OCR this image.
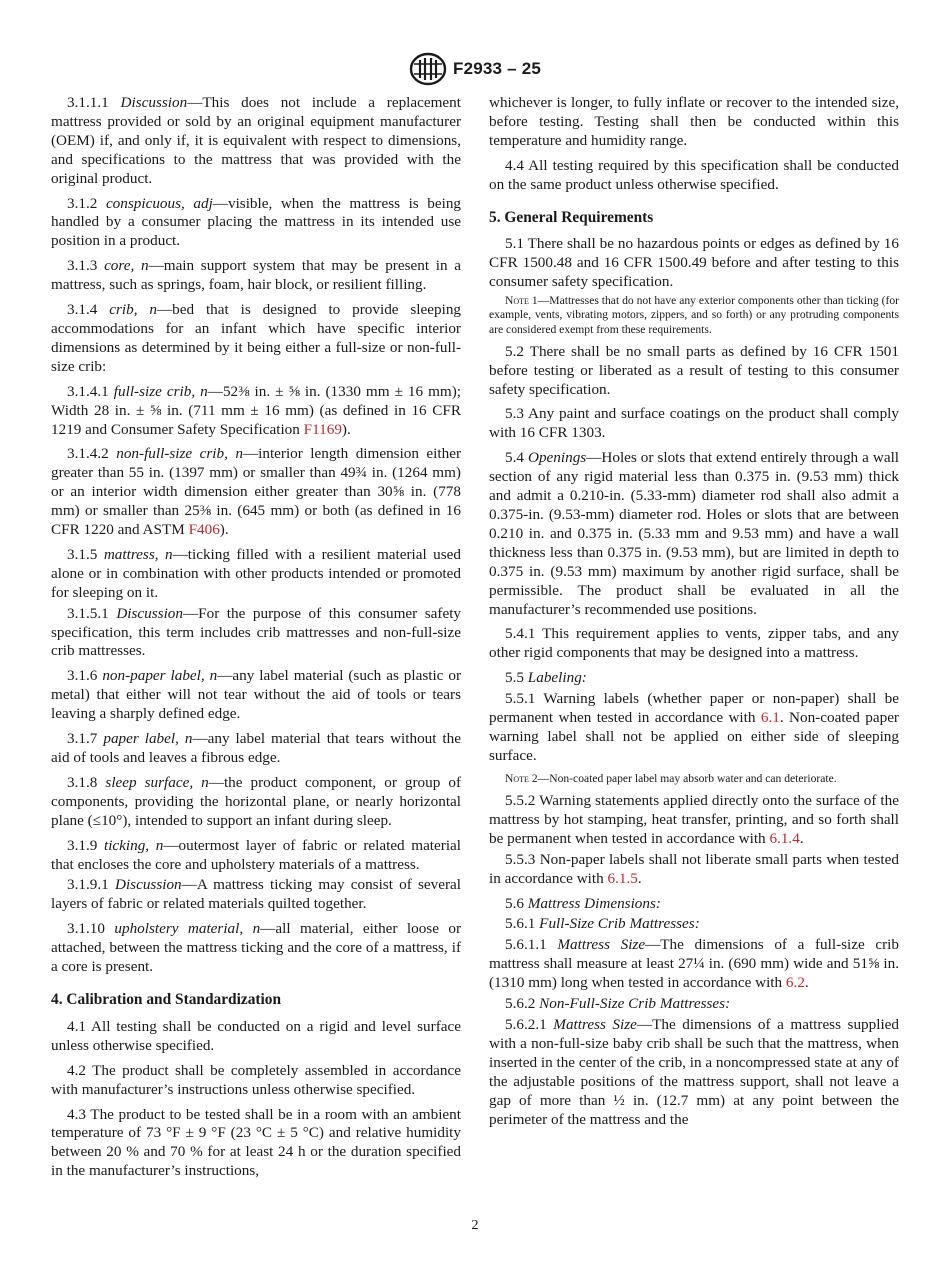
F2933 – 25

3.1.1.1 Discussion—This does not include a replacement mattress provided or sold by an original equipment manufacturer (OEM) if, and only if, it is equivalent with respect to dimensions, and specifications to the mattress that was provided with the original product.

3.1.2 conspicuous, adj—visible, when the mattress is being handled by a consumer placing the mattress in its intended use position in a product.

3.1.3 core, n—main support system that may be present in a mattress, such as springs, foam, hair block, or resilient filling.

3.1.4 crib, n—bed that is designed to provide sleeping accommodations for an infant which have specific interior dimensions as determined by it being either a full-size or non-full-size crib:

3.1.4.1 full-size crib, n—52⅜ in. ± ⅝ in. (1330 mm ± 16 mm); Width 28 in. ± ⅝ in. (711 mm ± 16 mm) (as defined in 16 CFR 1219 and Consumer Safety Specification F1169).

3.1.4.2 non-full-size crib, n—interior length dimension either greater than 55 in. (1397 mm) or smaller than 49¾ in. (1264 mm) or an interior width dimension either greater than 30⅝ in. (778 mm) or smaller than 25⅜ in. (645 mm) or both (as defined in 16 CFR 1220 and ASTM F406).

3.1.5 mattress, n—ticking filled with a resilient material used alone or in combination with other products intended or promoted for sleeping on it.

3.1.5.1 Discussion—For the purpose of this consumer safety specification, this term includes crib mattresses and non-full-size crib mattresses.

3.1.6 non-paper label, n—any label material (such as plastic or metal) that either will not tear without the aid of tools or tears leaving a sharply defined edge.

3.1.7 paper label, n—any label material that tears without the aid of tools and leaves a fibrous edge.

3.1.8 sleep surface, n—the product component, or group of components, providing the horizontal plane, or nearly horizontal plane (≤10°), intended to support an infant during sleep.

3.1.9 ticking, n—outermost layer of fabric or related material that encloses the core and upholstery materials of a mattress.

3.1.9.1 Discussion—A mattress ticking may consist of several layers of fabric or related materials quilted together.

3.1.10 upholstery material, n—all material, either loose or attached, between the mattress ticking and the core of a mattress, if a core is present.

4. Calibration and Standardization

4.1 All testing shall be conducted on a rigid and level surface unless otherwise specified.

4.2 The product shall be completely assembled in accordance with manufacturer’s instructions unless otherwise specified.

4.3 The product to be tested shall be in a room with an ambient temperature of 73 °F ± 9 °F (23 °C ± 5 °C) and relative humidity between 20 % and 70 % for at least 24 h or the duration specified in the manufacturer’s instructions,

whichever is longer, to fully inflate or recover to the intended size, before testing. Testing shall then be conducted within this temperature and humidity range.

4.4 All testing required by this specification shall be conducted on the same product unless otherwise specified.

5. General Requirements

5.1 There shall be no hazardous points or edges as defined by 16 CFR 1500.48 and 16 CFR 1500.49 before and after testing to this consumer safety specification.

Note 1—Mattresses that do not have any exterior components other than ticking (for example, vents, vibrating motors, zippers, and so forth) or any protruding components are considered exempt from these requirements.

5.2 There shall be no small parts as defined by 16 CFR 1501 before testing or liberated as a result of testing to this consumer safety specification.

5.3 Any paint and surface coatings on the product shall comply with 16 CFR 1303.

5.4 Openings—Holes or slots that extend entirely through a wall section of any rigid material less than 0.375 in. (9.53 mm) thick and admit a 0.210-in. (5.33-mm) diameter rod shall also admit a 0.375-in. (9.53-mm) diameter rod. Holes or slots that are between 0.210 in. and 0.375 in. (5.33 mm and 9.53 mm) and have a wall thickness less than 0.375 in. (9.53 mm), but are limited in depth to 0.375 in. (9.53 mm) maximum by another rigid surface, shall be permissible. The product shall be evaluated in all the manufacturer’s recommended use positions.

5.4.1 This requirement applies to vents, zipper tabs, and any other rigid components that may be designed into a mattress.

5.5 Labeling:

5.5.1 Warning labels (whether paper or non-paper) shall be permanent when tested in accordance with 6.1. Non-coated paper warning label shall not be applied on either side of sleeping surface.

Note 2—Non-coated paper label may absorb water and can deteriorate.

5.5.2 Warning statements applied directly onto the surface of the mattress by hot stamping, heat transfer, printing, and so forth shall be permanent when tested in accordance with 6.1.4.

5.5.3 Non-paper labels shall not liberate small parts when tested in accordance with 6.1.5.

5.6 Mattress Dimensions:

5.6.1 Full-Size Crib Mattresses:

5.6.1.1 Mattress Size—The dimensions of a full-size crib mattress shall measure at least 27¼ in. (690 mm) wide and 51⅝ in. (1310 mm) long when tested in accordance with 6.2.

5.6.2 Non-Full-Size Crib Mattresses:

5.6.2.1 Mattress Size—The dimensions of a mattress supplied with a non-full-size baby crib shall be such that the mattress, when inserted in the center of the crib, in a noncompressed state at any of the adjustable positions of the mattress support, shall not leave a gap of more than ½ in. (12.7 mm) at any point between the perimeter of the mattress and the

2
